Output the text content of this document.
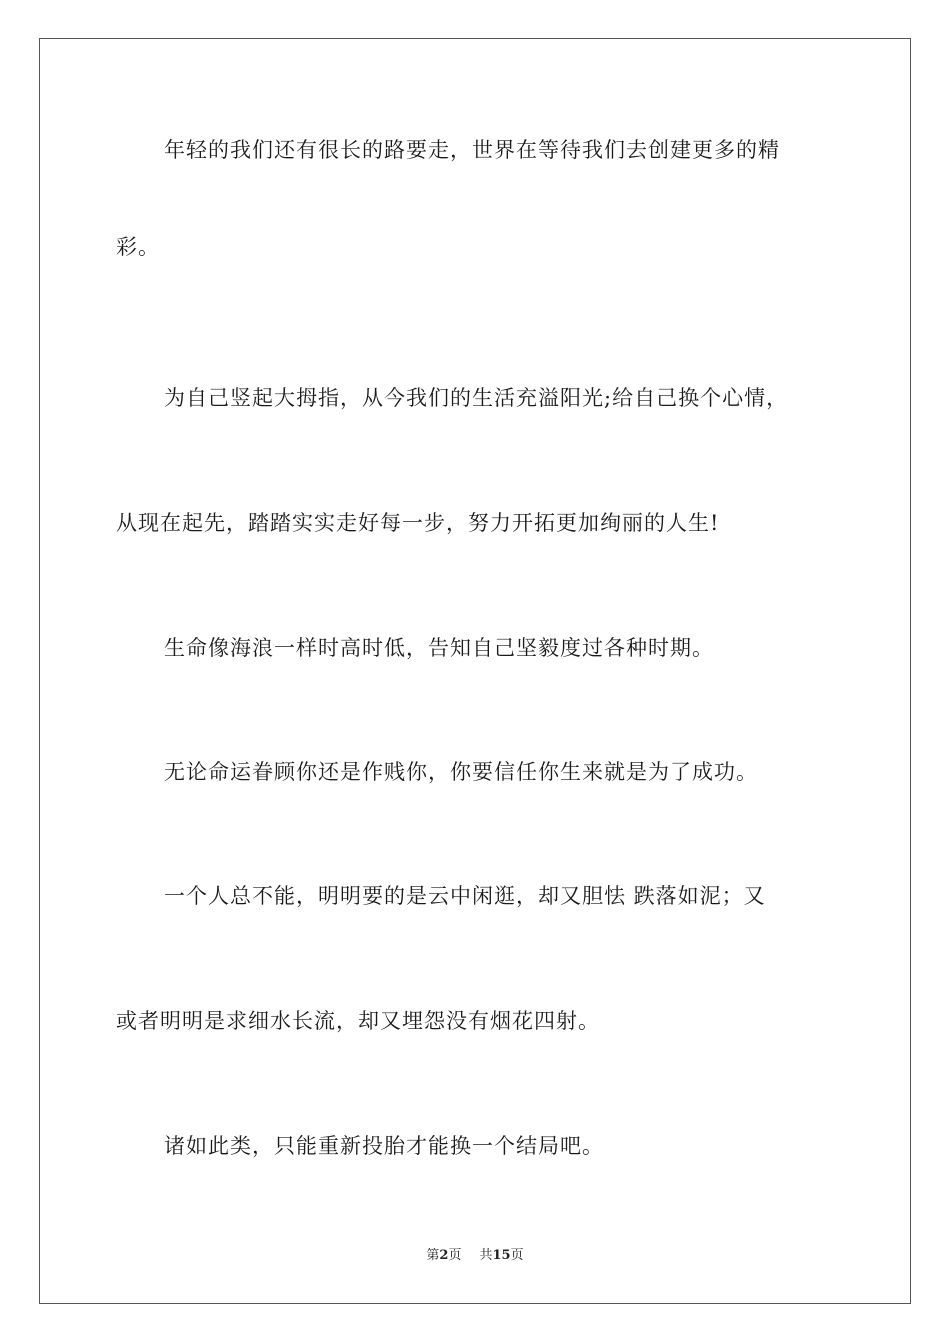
年轻的我们还有很长的路要走，世界在等待我们去创建更多的精
彩。
为自己竖起大拇指，从今我们的生活充溢阳光;给自己换个心情，
从现在起先，踏踏实实走好每一步，努力开拓更加绚丽的人生!
生命像海浪一样时高时低，告知自己坚毅度过各种时期。
无论命运眷顾你还是作贱你，你要信任你生来就是为了成功。
一个人总不能，明明要的是云中闲逛，却又胆怯 跌落如泥；又
或者明明是求细水长流，却又埋怨没有烟花四射。
诸如此类，只能重新投胎才能换一个结局吧。
第2页 共15页
